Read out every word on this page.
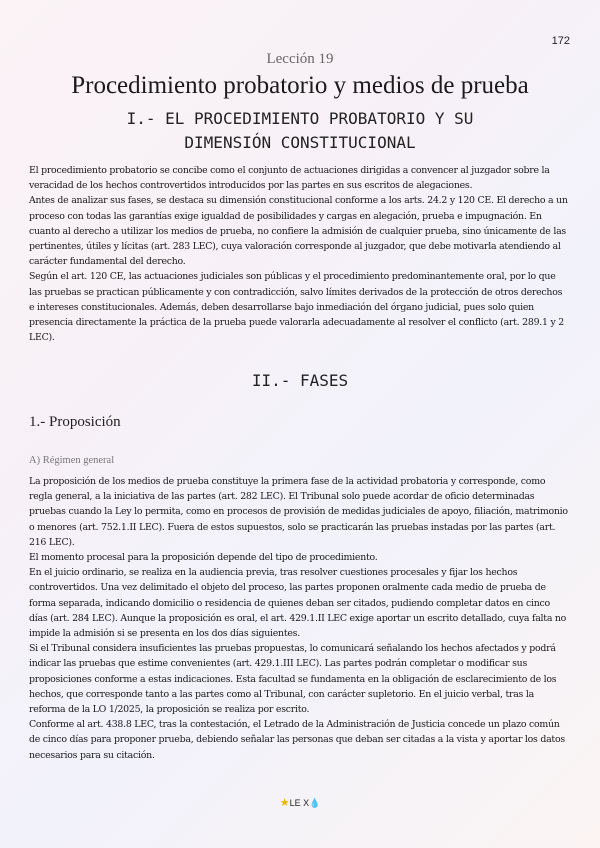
172
Lección 19
Procedimiento probatorio y medios de prueba
I.- EL PROCEDIMIENTO PROBATORIO Y SU
DIMENSIÓN CONSTITUCIONAL

El procedimiento probatorio se concibe como el conjunto de actuaciones dirigidas a convencer al juzgador sobre la veracidad de los hechos controvertidos introducidos por las partes en sus escritos de alegaciones.

Antes de analizar sus fases, se destaca su dimensión constitucional conforme a los arts. 24.2 y 120 CE. El derecho a un proceso con todas las garantías exige igualdad de posibilidades y cargas en alegación, prueba e impugnación. En cuanto al derecho a utilizar los medios de prueba, no confiere la admisión de cualquier prueba, sino únicamente de las pertinentes, útiles y lícitas (art. 283 LEC), cuya valoración corresponde al juzgador, que debe motivarla atendiendo al carácter fundamental del derecho.

Según el art. 120 CE, las actuaciones judiciales son públicas y el procedimiento predominantemente oral, por lo que las pruebas se practican públicamente y con contradicción, salvo límites derivados de la protección de otros derechos e intereses constitucionales. Además, deben desarrollarse bajo inmediación del órgano judicial, pues solo quien presencia directamente la práctica de la prueba puede valorarla adecuadamente al resolver el conflicto (art. 289.1 y 2 LEC).

II.- FASES
1.- Proposición
A) Régimen general

La proposición de los medios de prueba constituye la primera fase de la actividad probatoria y corresponde, como regla general, a la iniciativa de las partes (art. 282 LEC). El Tribunal solo puede acordar de oficio determinadas pruebas cuando la Ley lo permita, como en procesos de provisión de medidas judiciales de apoyo, filiación, matrimonio o menores (art. 752.1.II LEC). Fuera de estos supuestos, solo se practicarán las pruebas instadas por las partes (art. 216 LEC).

El momento procesal para la proposición depende del tipo de procedimiento.

En el juicio ordinario, se realiza en la audiencia previa, tras resolver cuestiones procesales y fijar los hechos controvertidos. Una vez delimitado el objeto del proceso, las partes proponen oralmente cada medio de prueba de forma separada, indicando domicilio o residencia de quienes deban ser citados, pudiendo completar datos en cinco días (art. 284 LEC). Aunque la proposición es oral, el art. 429.1.II LEC exige aportar un escrito detallado, cuya falta no impide la admisión si se presenta en los dos días siguientes.

Si el Tribunal considera insuficientes las pruebas propuestas, lo comunicará señalando los hechos afectados y podrá indicar las pruebas que estime convenientes (art. 429.1.III LEC). Las partes podrán completar o modificar sus proposiciones conforme a estas indicaciones. Esta facultad se fundamenta en la obligación de esclarecimiento de los hechos, que corresponde tanto a las partes como al Tribunal, con carácter supletorio. En el juicio verbal, tras la reforma de la LO 1/2025, la proposición se realiza por escrito.

Conforme al art. 438.8 LEC, tras la contestación, el Letrado de la Administración de Justicia concede un plazo común de cinco días para proponer prueba, debiendo señalar las personas que deban ser citadas a la vista y aportar los datos necesarios para su citación.

★LE X💧
